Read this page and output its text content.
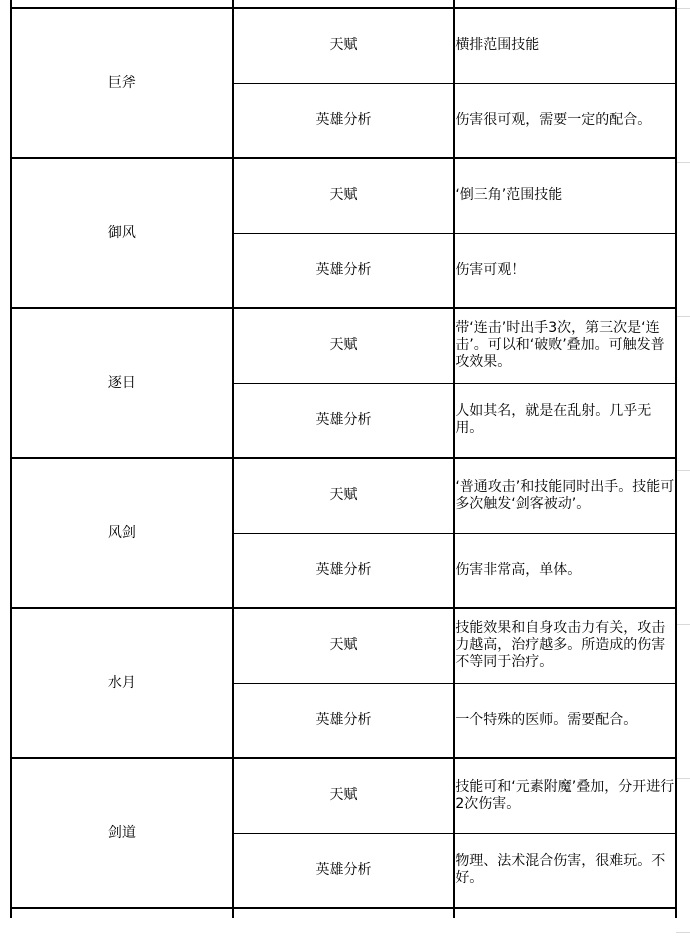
巨斧	天赋	横排范围技能
	英雄分析	伤害很可观，需要一定的配合。
御风	天赋	‘倒三角’范围技能
	英雄分析	伤害可观！
逐日	天赋	带‘连击’时出手3次，第三次是‘连击’。可以和‘破败’叠加。可触发普攻效果。
	英雄分析	人如其名，就是在乱射。几乎无用。
风剑	天赋	‘普通攻击’和技能同时出手。技能可多次触发‘剑客被动’。
	英雄分析	伤害非常高，单体。
水月	天赋	技能效果和自身攻击力有关，攻击力越高，治疗越多。所造成的伤害不等同于治疗。
	英雄分析	一个特殊的医师。需要配合。
剑道	天赋	技能可和‘元素附魔’叠加，分开进行2次伤害。
	英雄分析	物理、法术混合伤害，很难玩。不好。
